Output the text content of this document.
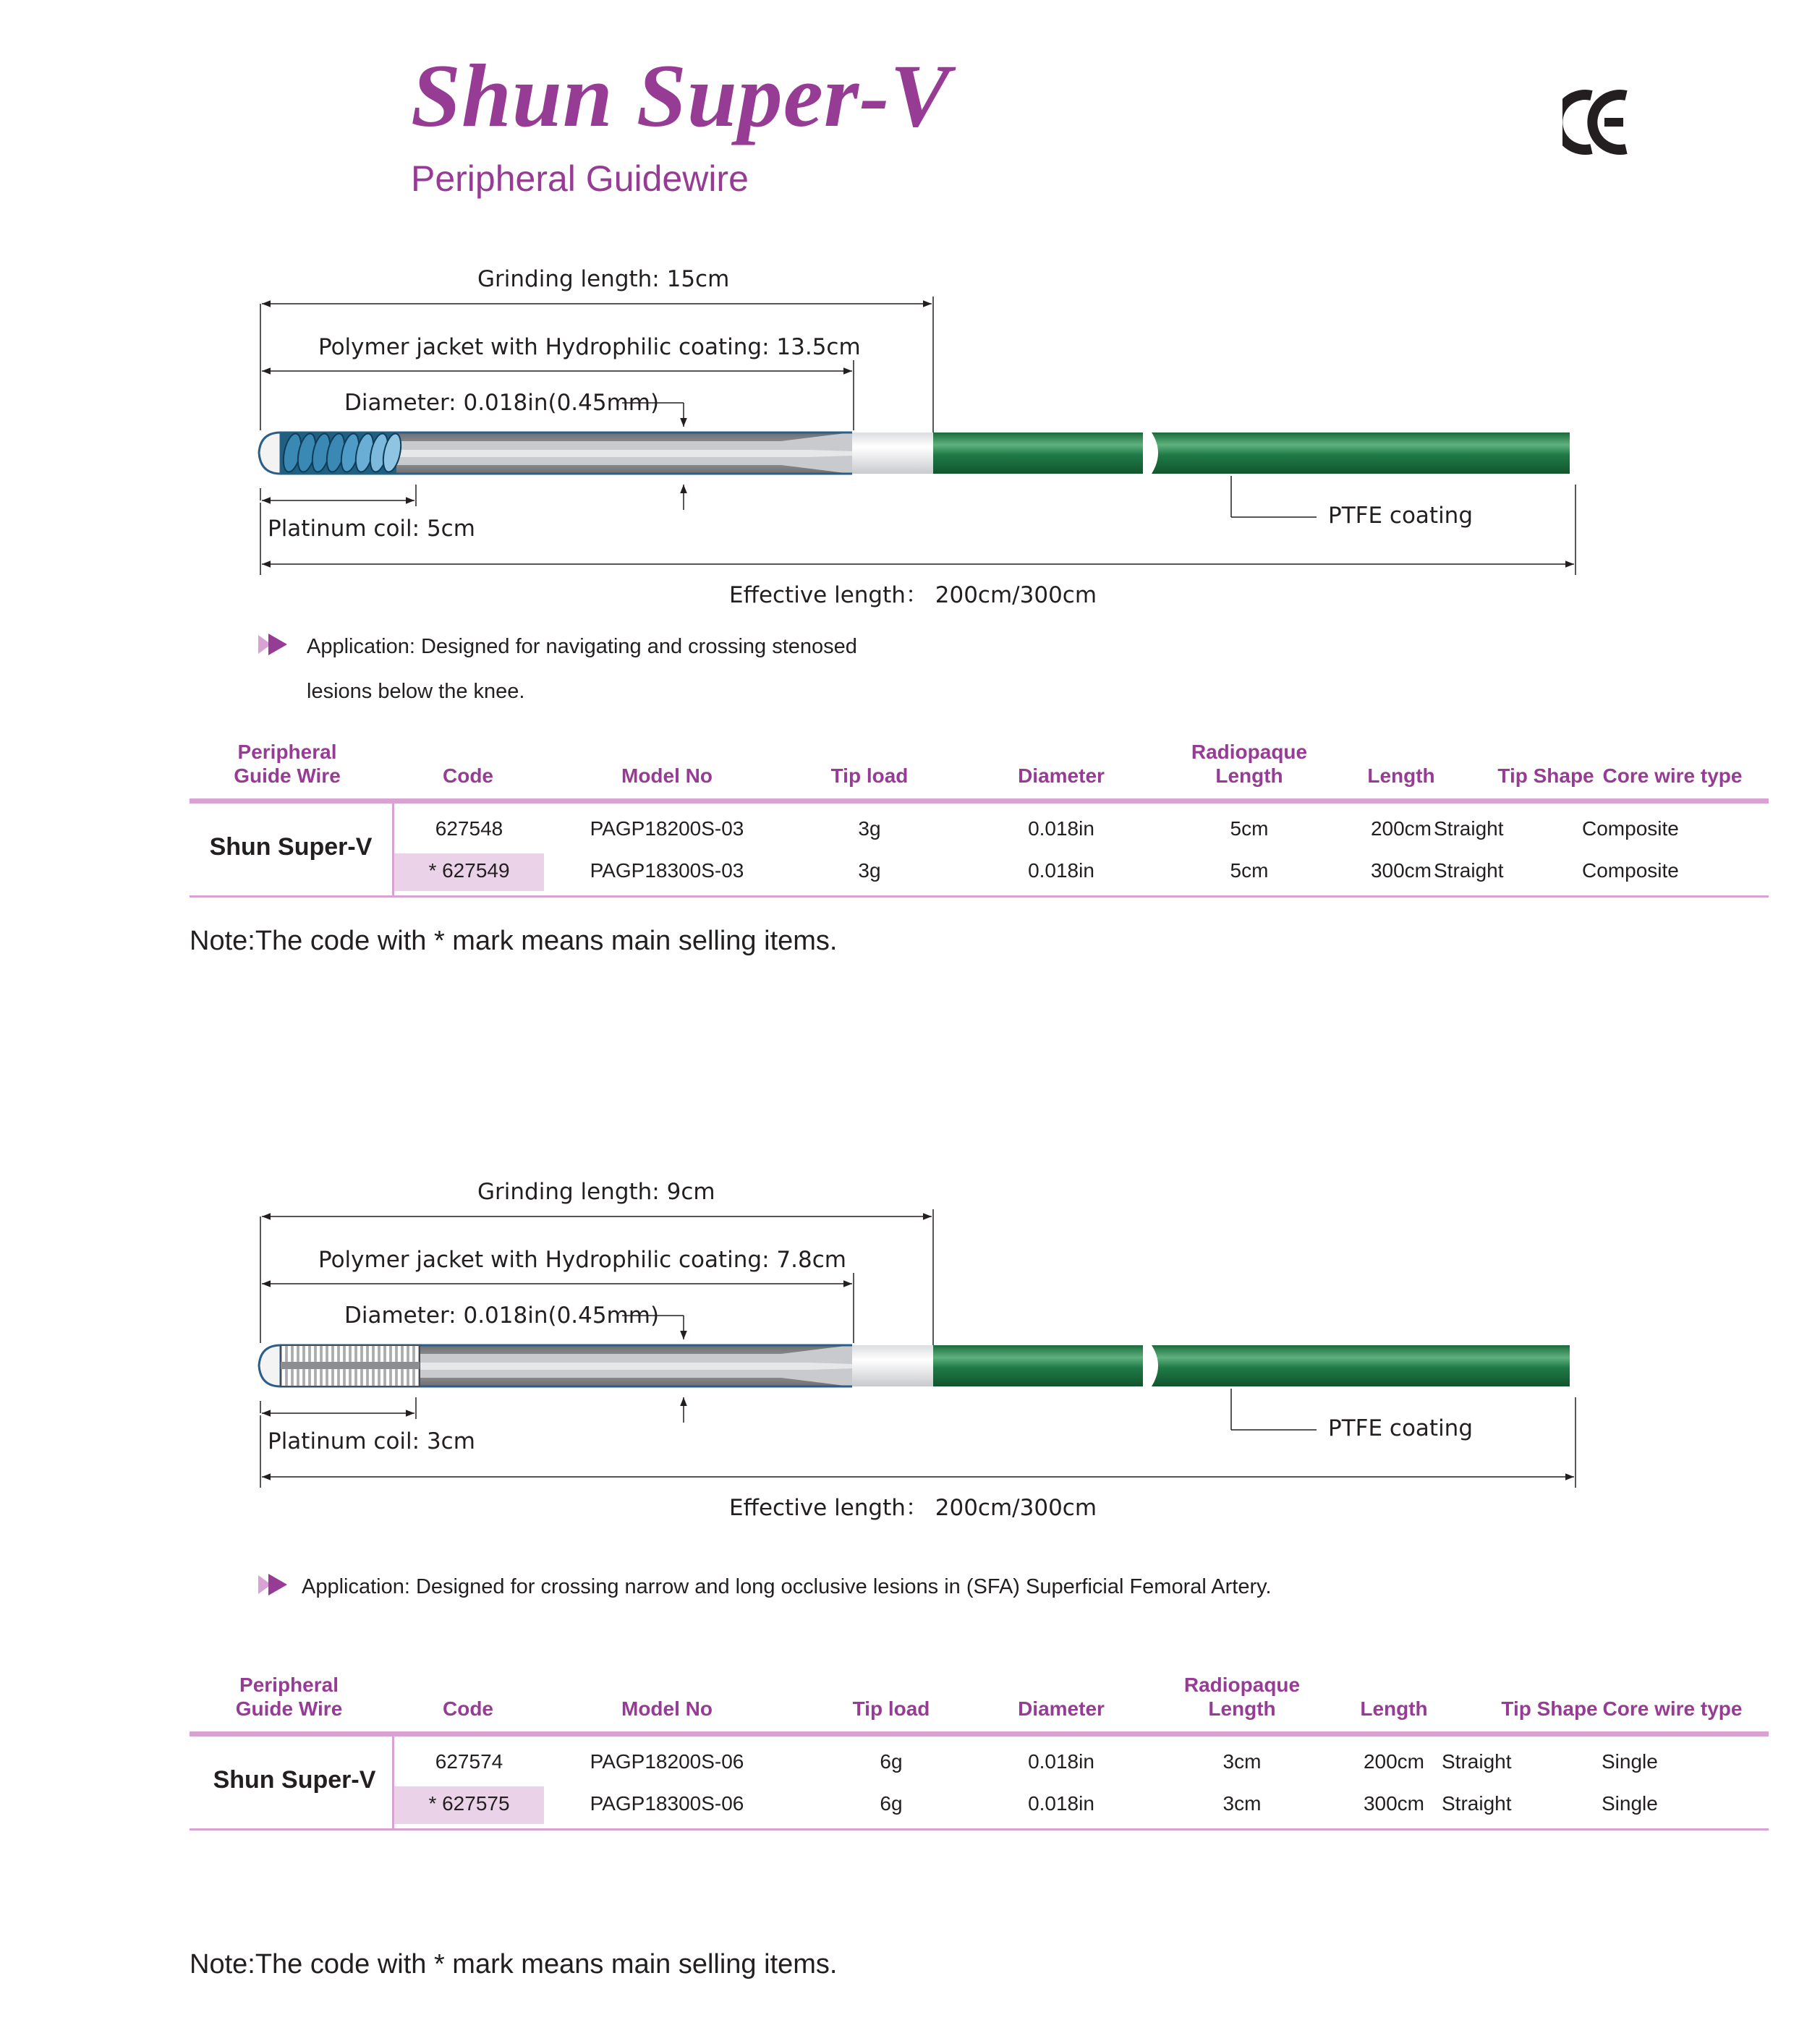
Shun Super-V
Peripheral Guidewire
Grinding length: 15cm
Polymer jacket with Hydrophilic coating: 13.5cm
Diameter: 0.018in(0.45mm)
Platinum coil: 5cm	PTFE coating
Effective length： 200cm/300cm
Application: Designed for navigating and crossing stenosed
lesions below the knee.
Peripheral
Guide Wire	Code	Model No	Tip load	Diameter
Radiopaque
Length	Length	Tip Shape Core wire type
Shun Super-V
627548	PAGP18200S-03	3g	0.018in	5cm	200cm Straight	Composite
* 627549	PAGP18300S-03	3g	0.018in	5cm	300cm Straight	Composite
Note:The code with * mark means main selling items.
Grinding length: 9cm
Polymer jacket with Hydrophilic coating: 7.8cm
Diameter: 0.018in(0.45mm)
Platinum coil: 3cm	PTFE coating
Effective length： 200cm/300cm
Application: Designed for crossing narrow and long occlusive lesions in (SFA) Superficial Femoral Artery.
Peripheral
Guide Wire	Code	Model No	Tip load	Diameter
Radiopaque
Length	Length	Tip Shape Core wire type
Shun Super-V
627574	PAGP18200S-06	6g	0.018in	3cm	200cm Straight	Single
* 627575	PAGP18300S-06	6g	0.018in	3cm	300cm Straight	Single
Note:The code with * mark means main selling items.
